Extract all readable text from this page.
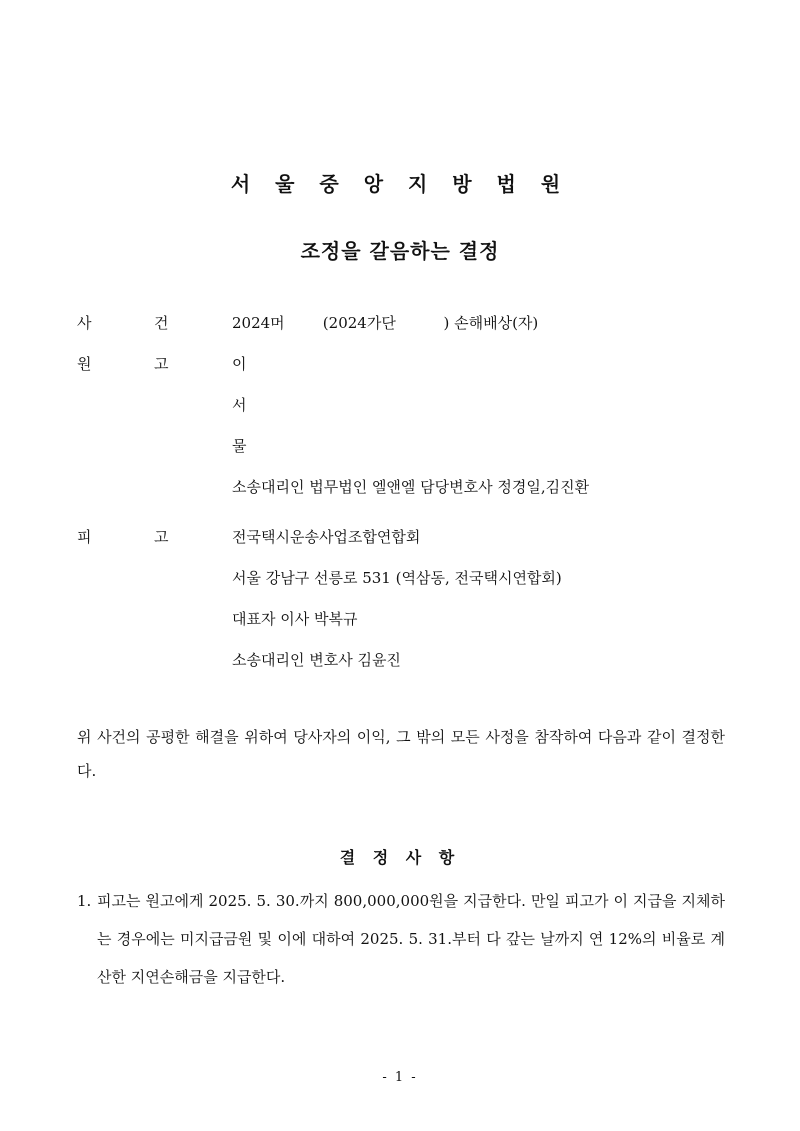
서 울 중 앙 지 방 법 원
조정을 갈음하는 결정
사	건	2024머        (2024가단          ) 손해배상(자)
원	고	이
서
물
소송대리인 법무법인 엘앤엘 담당변호사 정경일,김진환
피	고	전국택시운송사업조합연합회
서울 강남구 선릉로 531 (역삼동, 전국택시연합회)
대표자 이사 박복규
소송대리인 변호사 김윤진

위 사건의 공평한 해결을 위하여 당사자의 이익, 그 밖의 모든 사정을 참작하여 다음과 같이 결정한다.

결 정 사 항
1. 피고는 원고에게 2025. 5. 30.까지 800,000,000원을 지급한다. 만일 피고가 이 지급을 지체하는 경우에는 미지급금원 및 이에 대하여 2025. 5. 31.부터 다 갚는 날까지 연 12%의 비율로 계산한 지연손해금을 지급한다.

- 1 -
